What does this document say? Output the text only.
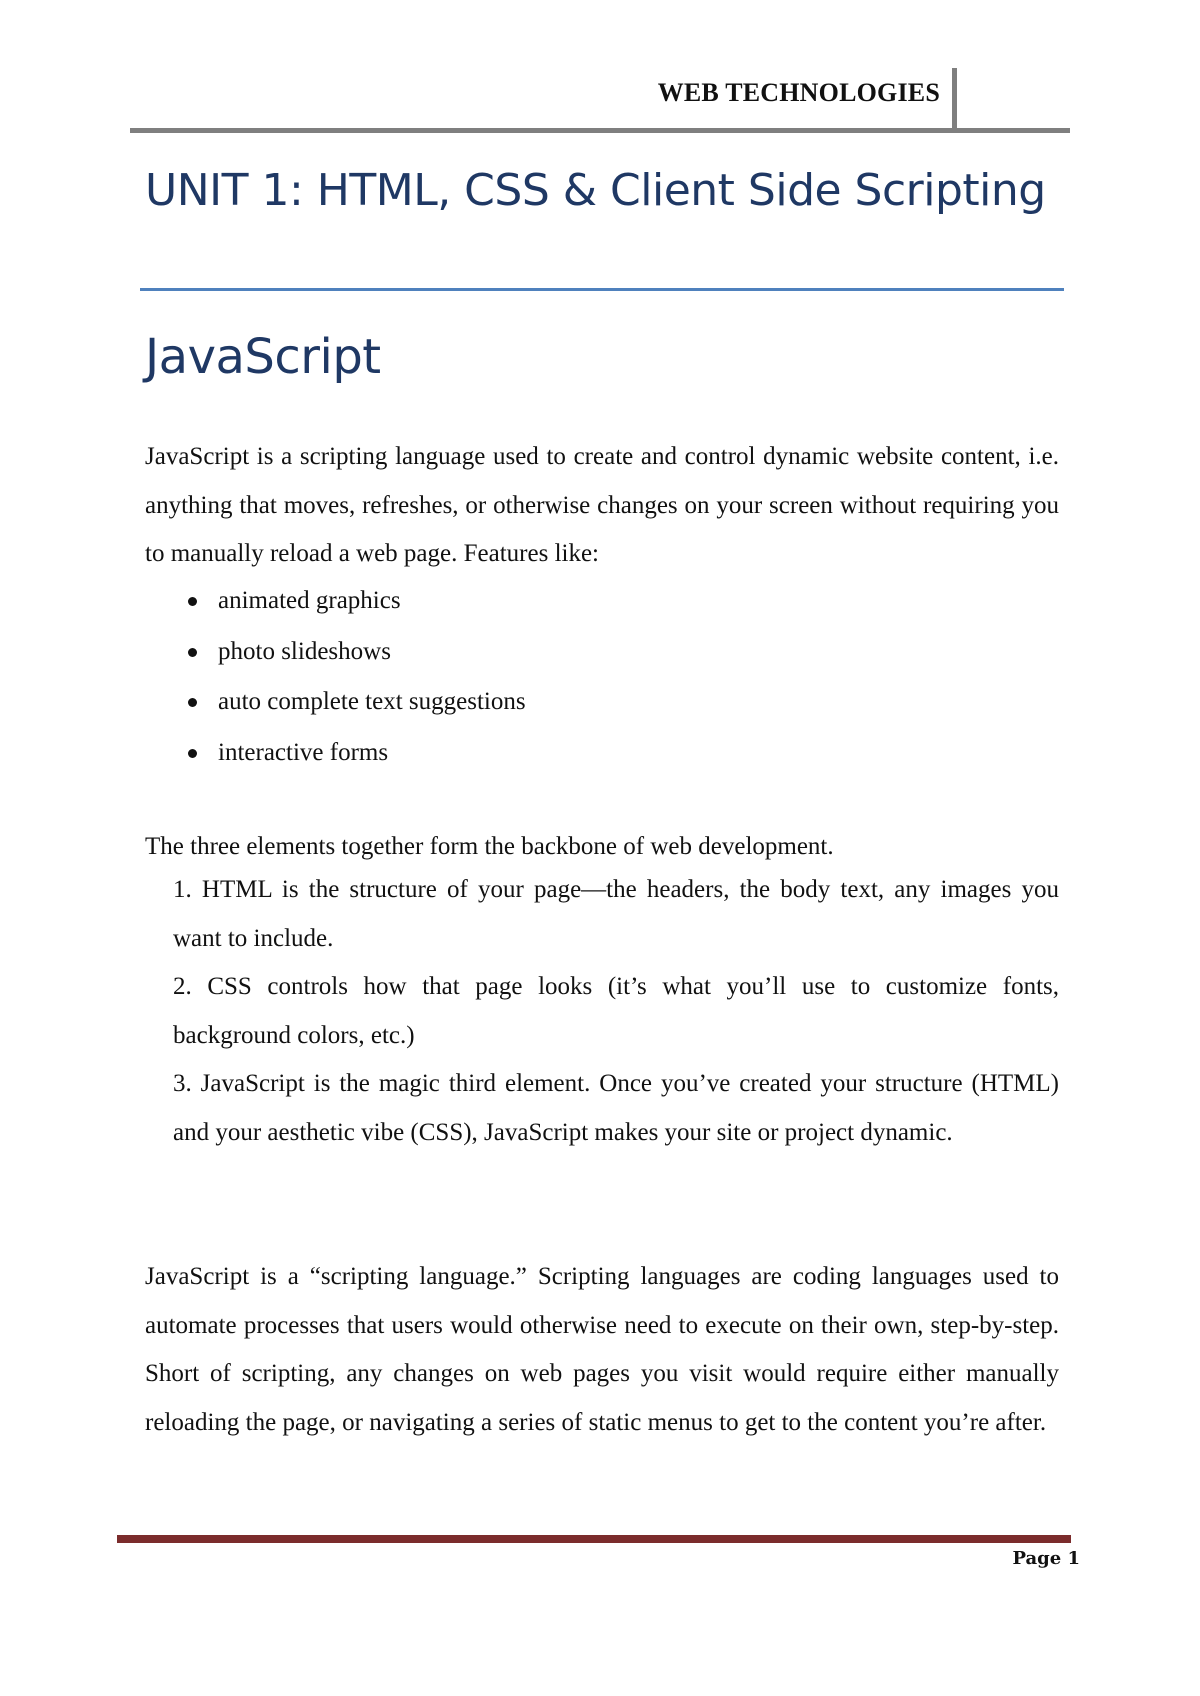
WEB TECHNOLOGIES
UNIT 1: HTML, CSS & Client Side Scripting
JavaScript

JavaScript is a scripting language used to create and control dynamic website content, i.e. anything that moves, refreshes, or otherwise changes on your screen without requiring you to manually reload a web page. Features like:

animated graphics
photo slideshows
auto complete text suggestions
interactive forms

The three elements together form the backbone of web development.

1. HTML is the structure of your page—the headers, the body text, any images you want to include.
2. CSS controls how that page looks (it’s what you’ll use to customize fonts, background colors, etc.)
3. JavaScript is the magic third element. Once you’ve created your structure (HTML) and your aesthetic vibe (CSS), JavaScript makes your site or project dynamic.

JavaScript is a “scripting language.” Scripting languages are coding languages used to automate processes that users would otherwise need to execute on their own, step-by-step. Short of scripting, any changes on web pages you visit would require either manually reloading the page, or navigating a series of static menus to get to the content you’re after.

Page 1
